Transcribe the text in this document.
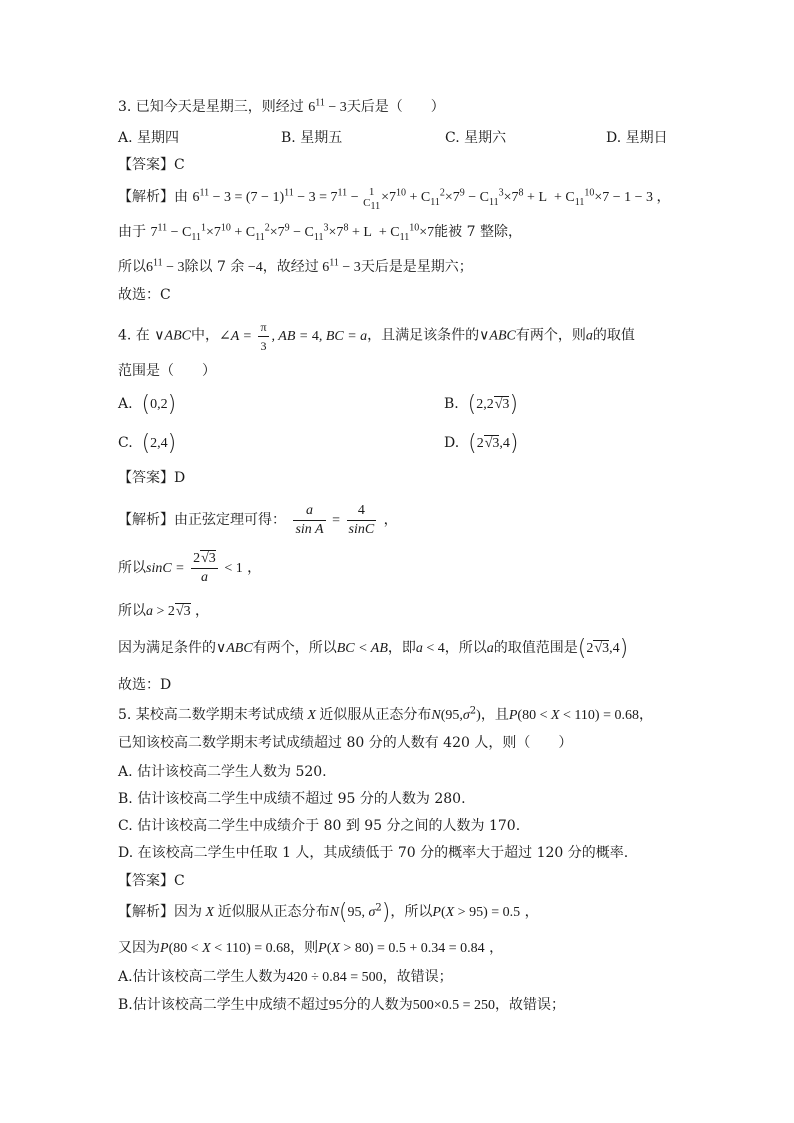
3. 已知今天是星期三，则经过 $6^{11} - 3$天后是（　　）
A. 星期四	B. 星期五	C. 星期六	D. 星期日
【答案】C
【解析】由 $6^{11} - 3 = (7 - 1)^{11} - 3 = 7^{11} - 1$
$C_{11}$
$\times 7^{10} + C_{11}^2\times 7^9 - C_{11}^3\times 7^8 + L + C_{11}^{10}\times 7 - 1 - 3$ ，
由于 $7^{11} - C_{11}^1\times 7^{10} + C_{11}^2\times 7^9 - C_{11}^3\times 7^8 + L + C_{11}^{10}\times 7$能被 7 整除，
所以$6^{11} - 3$除以 7 余 −4，故经过 $6^{11} - 3$天后是是星期六；
故选：C
4. 在 ∨ABC中，∠A = $\frac{\pi}{3}$ , AB = 4, BC = a，且满足该条件的∨ABC有两个，则a的取值
范围是（　　）
A. (0,2)	B. (2,2√3)
C. (2,4)	D. (2√3,4)
【答案】D
【解析】由正弦定理可得： $\frac{a}{\text{sin A}} = \frac{4}{\sin C}$ ，
所以$\sin C = \frac{2√3}{a} < 1$ ，
所以a > 2√3 ，
因为满足条件的∨ABC有两个，所以BC < AB，即a < 4，所以a的取值范围是(2√3,4)
故选：D
5. 某校高二数学期末考试成绩 X 近似服从正态分布$N(95,\sigma^2)$，且P(80 < X < 110) = 0.68，
已知该校高二数学期末考试成绩超过 80 分的人数有 420 人，则（　　）
A. 估计该校高二学生人数为 520.
B. 估计该校高二学生中成绩不超过 95 分的人数为 280.
C. 估计该校高二学生中成绩介于 80 到 95 分之间的人数为 170.
D. 在该校高二学生中任取 1 人，其成绩低于 70 分的概率大于超过 120 分的概率.
【答案】C
【解析】因为 X 近似服从正态分布N(95, $\sigma^2$)，所以P(X > 95) = 0.5 ，
又因为P(80 < X < 110) = 0.68，则P(X > 80) = 0.5 + 0.34 = 0.84 ，
A.估计该校高二学生人数为420 ÷ 0.84 = 500，故错误；
B.估计该校高二学生中成绩不超过95分的人数为500×0.5 = 250，故错误；
